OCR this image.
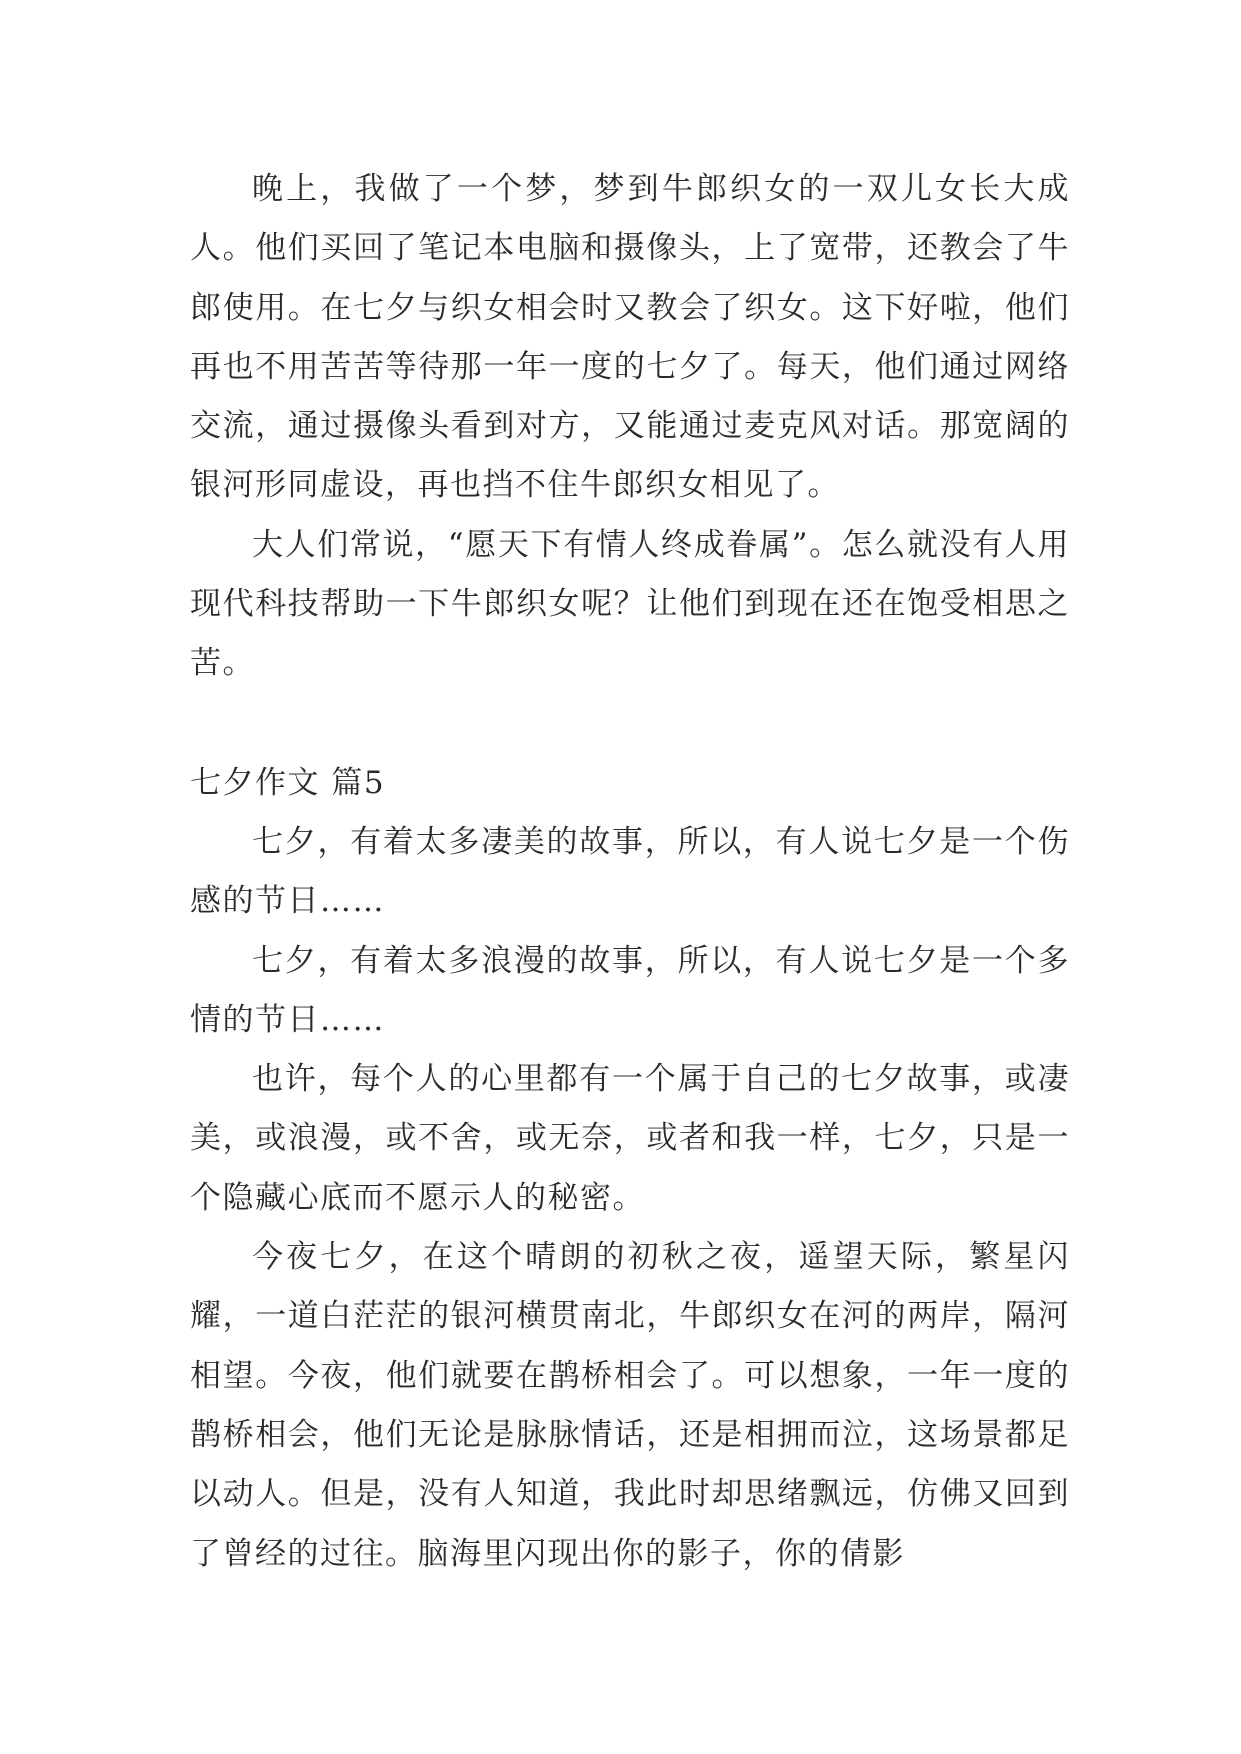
晚上，我做了一个梦，梦到牛郎织女的一双儿女长大成人。他们买回了笔记本电脑和摄像头，上了宽带，还教会了牛郎使用。在七夕与织女相会时又教会了织女。这下好啦，他们再也不用苦苦等待那一年一度的七夕了。每天，他们通过网络交流，通过摄像头看到对方，又能通过麦克风对话。那宽阔的银河形同虚设，再也挡不住牛郎织女相见了。

大人们常说，“愿天下有情人终成眷属”。怎么就没有人用现代科技帮助一下牛郎织女呢？让他们到现在还在饱受相思之苦。

七夕作文 篇5

七夕，有着太多凄美的故事，所以，有人说七夕是一个伤感的节日……

七夕，有着太多浪漫的故事，所以，有人说七夕是一个多情的节日……

也许，每个人的心里都有一个属于自己的七夕故事，或凄美，或浪漫，或不舍，或无奈，或者和我一样，七夕，只是一个隐藏心底而不愿示人的秘密。

今夜七夕，在这个晴朗的初秋之夜，遥望天际，繁星闪耀，一道白茫茫的银河横贯南北，牛郎织女在河的两岸，隔河相望。今夜，他们就要在鹊桥相会了。可以想象，一年一度的鹊桥相会，他们无论是脉脉情话，还是相拥而泣，这场景都足以动人。但是，没有人知道，我此时却思绪飘远，仿佛又回到了曾经的过往。脑海里闪现出你的影子，你的倩影
